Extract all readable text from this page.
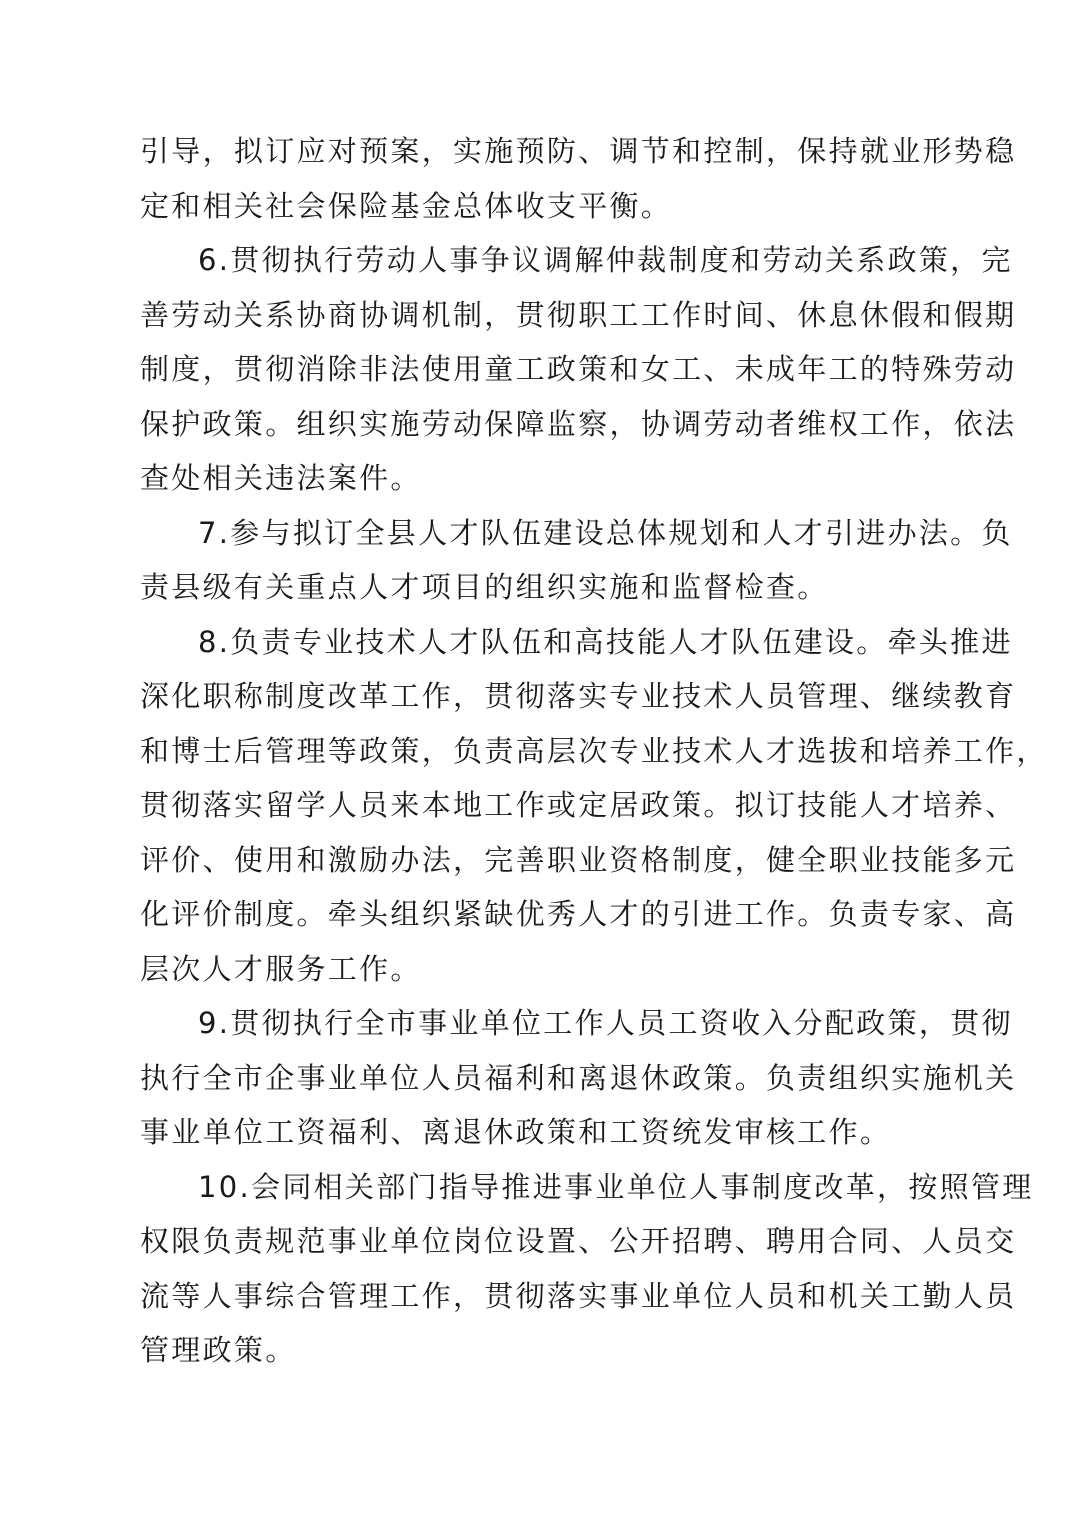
引导，拟订应对预案，实施预防、调节和控制，保持就业形势稳
定和相关社会保险基金总体收支平衡。
6.贯彻执行劳动人事争议调解仲裁制度和劳动关系政策，完
善劳动关系协商协调机制，贯彻职工工作时间、休息休假和假期
制度，贯彻消除非法使用童工政策和女工、未成年工的特殊劳动
保护政策。组织实施劳动保障监察，协调劳动者维权工作，依法
查处相关违法案件。
7.参与拟订全县人才队伍建设总体规划和人才引进办法。负
责县级有关重点人才项目的组织实施和监督检查。
8.负责专业技术人才队伍和高技能人才队伍建设。牵头推进
深化职称制度改革工作，贯彻落实专业技术人员管理、继续教育
和博士后管理等政策，负责高层次专业技术人才选拔和培养工作，
贯彻落实留学人员来本地工作或定居政策。拟订技能人才培养、
评价、使用和激励办法，完善职业资格制度，健全职业技能多元
化评价制度。牵头组织紧缺优秀人才的引进工作。负责专家、高
层次人才服务工作。
9.贯彻执行全市事业单位工作人员工资收入分配政策，贯彻
执行全市企事业单位人员福利和离退休政策。负责组织实施机关
事业单位工资福利、离退休政策和工资统发审核工作。
10.会同相关部门指导推进事业单位人事制度改革，按照管理
权限负责规范事业单位岗位设置、公开招聘、聘用合同、人员交
流等人事综合管理工作，贯彻落实事业单位人员和机关工勤人员
管理政策。
